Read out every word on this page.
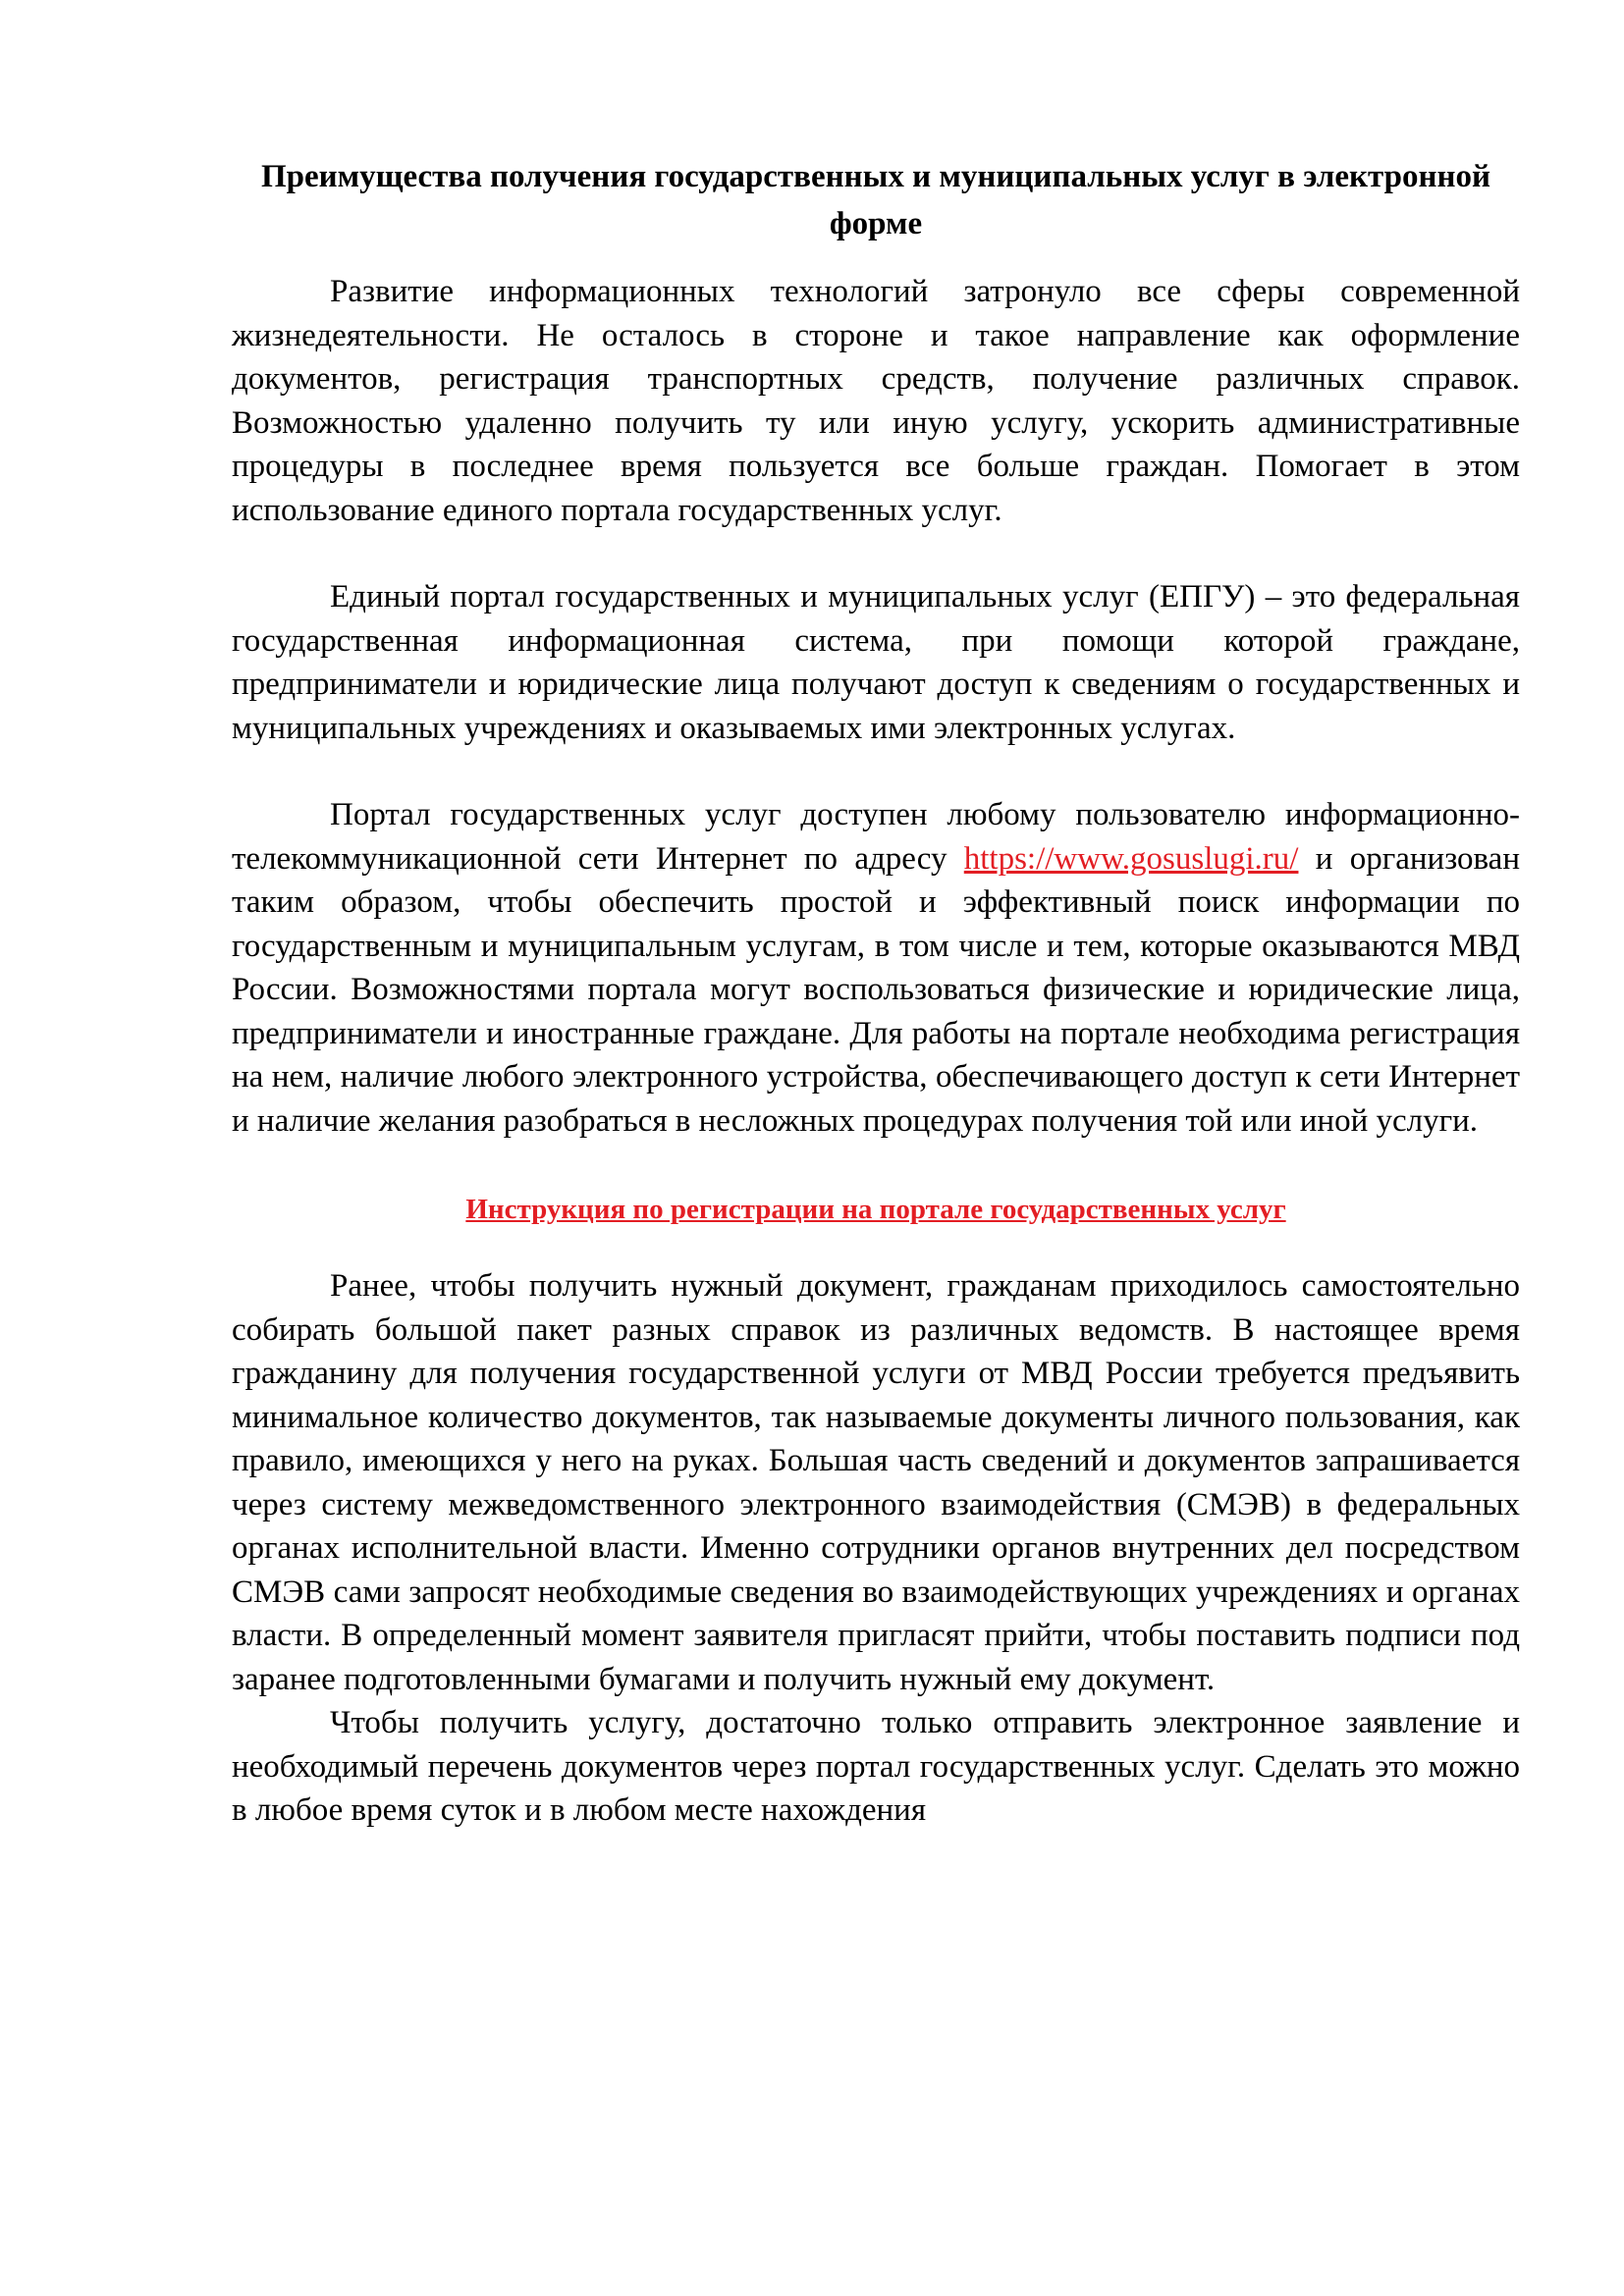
Преимущества получения государственных и муниципальных услуг в электронной форме

Развитие информационных технологий затронуло все сферы современной жизнедеятельности. Не осталось в стороне и такое направление как оформление документов, регистрация транспортных средств, получение различных справок. Возможностью удаленно получить ту или иную услугу, ускорить административные процедуры в последнее время пользуется все больше граждан. Помогает в этом использование единого портала государственных услуг.

Единый портал государственных и муниципальных услуг (ЕПГУ) – это федеральная государственная информационная система, при помощи которой граждане, предприниматели и юридические лица получают доступ к сведениям о государственных и муниципальных учреждениях и оказываемых ими электронных услугах.

Портал государственных услуг доступен любому пользователю информационно-телекоммуникационной сети Интернет по адресу https://www.gosuslugi.ru/ и организован таким образом, чтобы обеспечить простой и эффективный поиск информации по государственным и муниципальным услугам, в том числе и тем, которые оказываются МВД России. Возможностями портала могут воспользоваться физические и юридические лица, предприниматели и иностранные граждане. Для работы на портале необходима регистрация на нем, наличие любого электронного устройства, обеспечивающего доступ к сети Интернет и наличие желания разобраться в несложных процедурах получения той или иной услуги.

Инструкция по регистрации на портале государственных услуг

Ранее, чтобы получить нужный документ, гражданам приходилось самостоятельно собирать большой пакет разных справок из различных ведомств. В настоящее время гражданину для получения государственной услуги от МВД России требуется предъявить минимальное количество документов, так называемые документы личного пользования, как правило, имеющихся у него на руках. Большая часть сведений и документов запрашивается через систему межведомственного электронного взаимодействия (СМЭВ) в федеральных органах исполнительной власти. Именно сотрудники органов внутренних дел посредством СМЭВ сами запросят необходимые сведения во взаимодействующих учреждениях и органах власти. В определенный момент заявителя пригласят прийти, чтобы поставить подписи под заранее подготовленными бумагами и получить нужный ему документ.

Чтобы получить услугу, достаточно только отправить электронное заявление и необходимый перечень документов через портал государственных услуг. Сделать это можно в любое время суток и в любом месте нахождения
